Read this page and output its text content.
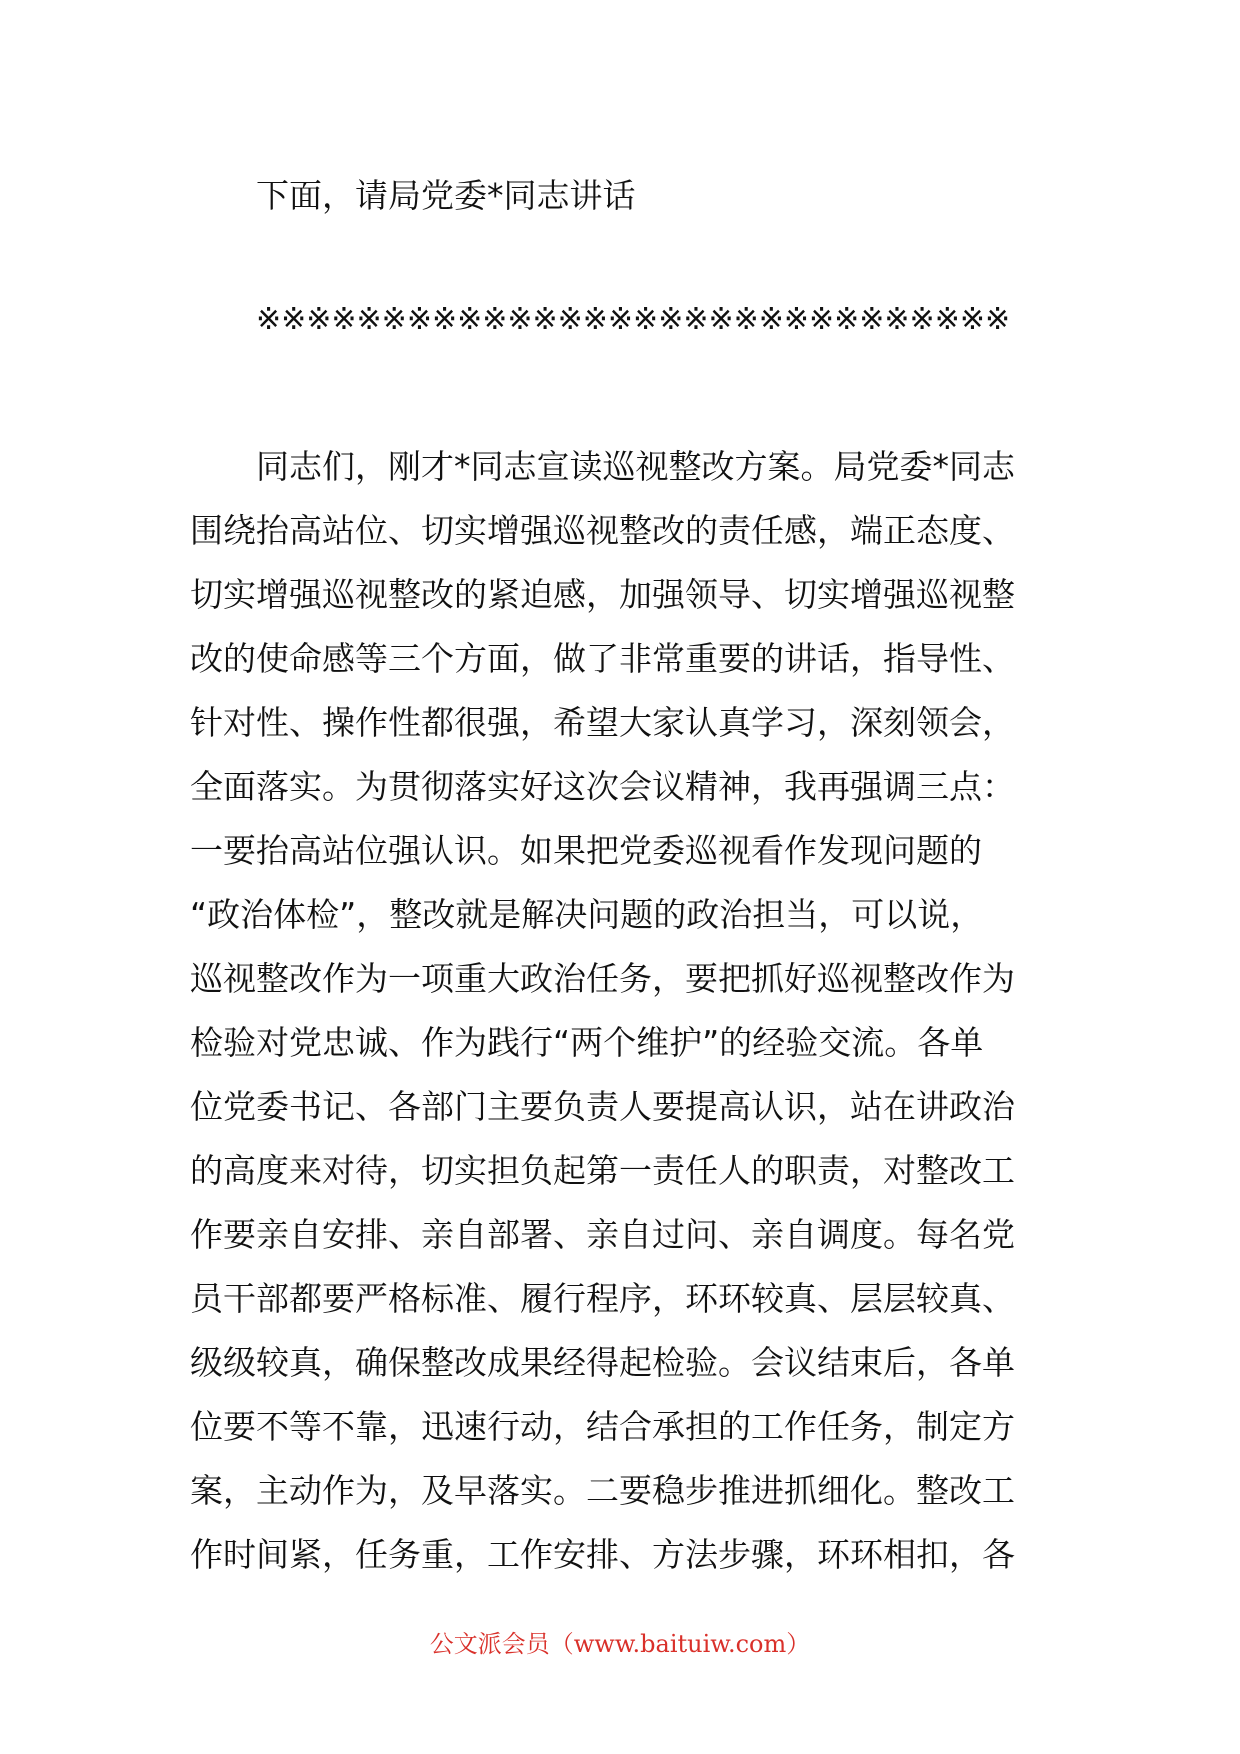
下面，请局党委*同志讲话
※※※※※※※※※※※※※※※※※※※※※※※※※※※※※※
同志们，刚才*同志宣读巡视整改方案。局党委*同志
围绕抬高站位、切实增强巡视整改的责任感，端正态度、
切实增强巡视整改的紧迫感，加强领导、切实增强巡视整
改的使命感等三个方面，做了非常重要的讲话，指导性、
针对性、操作性都很强，希望大家认真学习，深刻领会，
全面落实。为贯彻落实好这次会议精神，我再强调三点：
一要抬高站位强认识。如果把党委巡视看作发现问题的
“政治体检”，整改就是解决问题的政治担当，可以说，
巡视整改作为一项重大政治任务，要把抓好巡视整改作为
检验对党忠诚、作为践行“两个维护”的经验交流。各单
位党委书记、各部门主要负责人要提高认识，站在讲政治
的高度来对待，切实担负起第一责任人的职责，对整改工
作要亲自安排、亲自部署、亲自过问、亲自调度。每名党
员干部都要严格标准、履行程序，环环较真、层层较真、
级级较真，确保整改成果经得起检验。会议结束后，各单
位要不等不靠，迅速行动，结合承担的工作任务，制定方
案，主动作为，及早落实。二要稳步推进抓细化。整改工
作时间紧，任务重，工作安排、方法步骤，环环相扣，各
公文派会员（www.baituiw.com）
